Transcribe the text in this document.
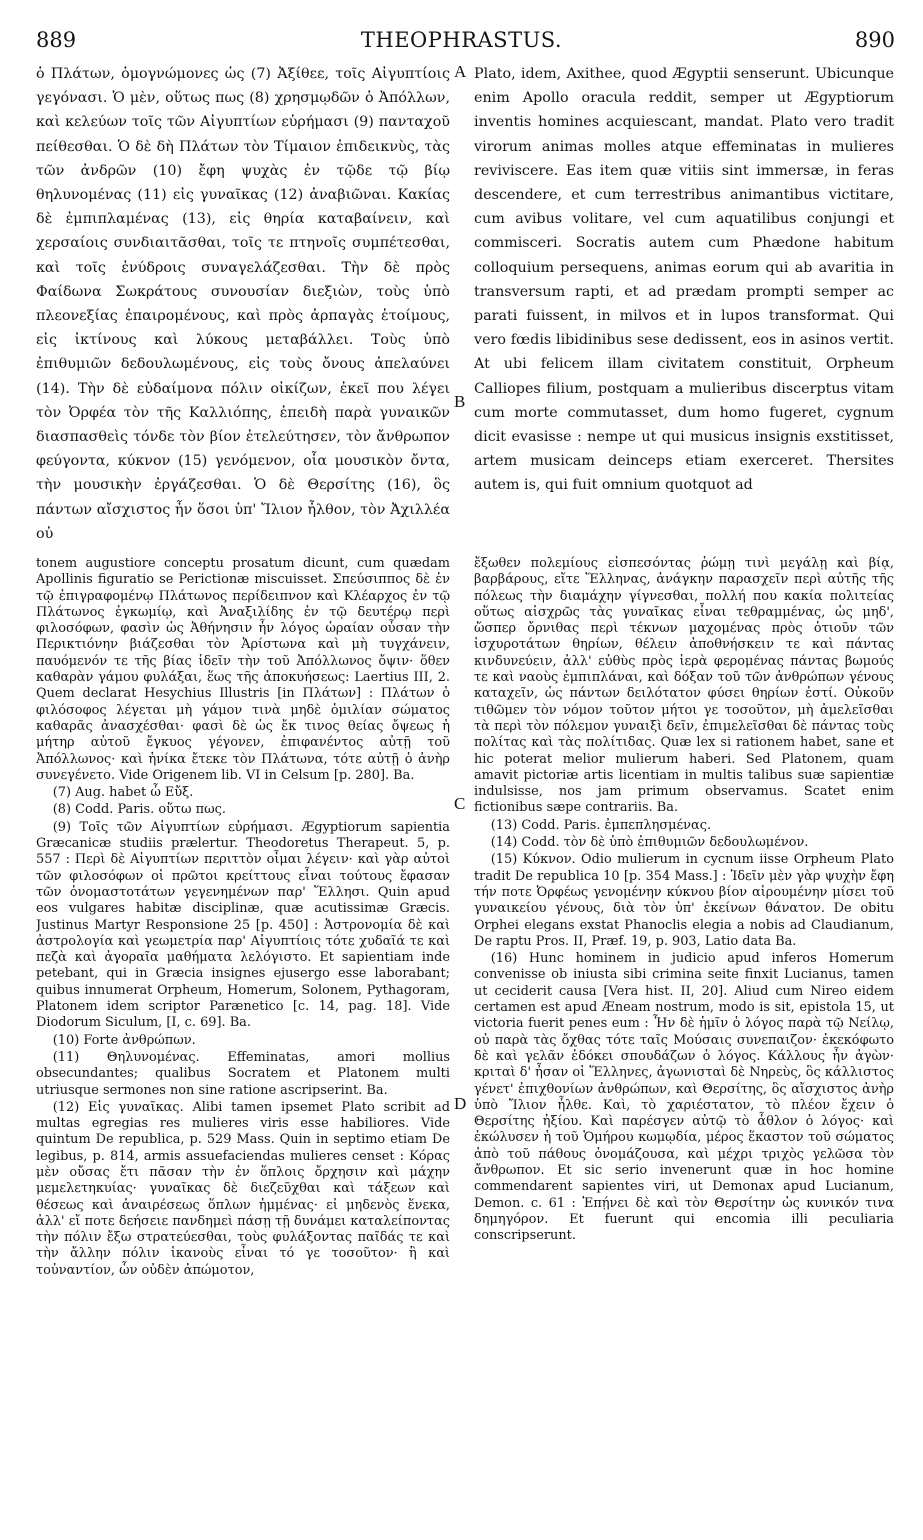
889	THEOPHRASTUS.	890

ὁ Πλάτων, ὁμογνώμονες ὡς (7) Ἀξίθεε, τοῖς Αἰγυπτίοις γεγόνασι. Ὁ μὲν, οὕτως πως (8) χρησμῳδῶν ὁ Ἀπόλλων, καὶ κελεύων τοῖς τῶν Αἰγυπτίων εὑρήμασι (9) πανταχοῦ πείθεσθαι. Ὁ δὲ δὴ Πλάτων τὸν Τίμαιον ἐπιδεικνὺς, τὰς τῶν ἀνδρῶν (10) ἔφη ψυχὰς ἐν τῷδε τῷ βίῳ θηλυνομένας (11) εἰς γυναῖκας (12) ἀναβιῶναι. Κακίας δὲ ἐμπιπλαμένας (13), εἰς θηρία καταβαίνειν, καὶ χερσαίοις συνδιαιτᾶσθαι, τοῖς τε πτηνοῖς συμπέτεσθαι, καὶ τοῖς ἐνύδροις συναγελάζεσθαι. Τὴν δὲ πρὸς Φαίδωνα Σωκράτους συνουσίαν διεξιὼν, τοὺς ὑπὸ πλεονεξίας ἐπαιρομένους, καὶ πρὸς ἁρπαγὰς ἑτοίμους, εἰς ἰκτίνους καὶ λύκους μεταβάλλει. Τοὺς ὑπὸ ἐπιθυμιῶν δεδουλωμένους, εἰς τοὺς ὄνους ἀπελαύνει (14). Τὴν δὲ εὐδαίμονα πόλιν οἰκίζων, ἐκεῖ που λέγει τὸν Ὀρφέα τὸν τῆς Καλλιόπης, ἐπειδὴ παρὰ γυναικῶν διασπασθεὶς τόνδε τὸν βίον ἐτελεύτησεν, τὸν ἄνθρωπον φεύγοντα, κύκνον (15) γενόμενον, οἷα μουσικὸν ὄντα, τὴν μουσικὴν ἐργάζεσθαι. Ὁ δὲ Θερσίτης (16), ὃς πάντων αἴσχιστος ἦν ὅσοι ὑπ' Ἴλιον ἦλθον, τὸν Ἀχιλλέα οὐ

Plato, idem, Axithee, quod Ægyptii senserunt. Ubicunque enim Apollo oracula reddit, semper ut Ægyptiorum inventis homines acquiescant, mandat. Plato vero tradit virorum animas molles atque effeminatas in mulieres reviviscere. Eas item quæ vitiis sint immersæ, in feras descendere, et cum terrestribus animantibus victitare, cum avibus volitare, vel cum aquatilibus conjungi et commisceri. Socratis autem cum Phædone habitum colloquium persequens, animas eorum qui ab avaritia in transversum rapti, et ad prædam prompti semper ac parati fuissent, in milvos et in lupos transformat. Qui vero fœdis libidinibus sese dedissent, eos in asinos vertit. At ubi felicem illam civitatem constituit, Orpheum Calliopes filium, postquam a mulieribus discerptus vitam cum morte commutasset, dum homo fugeret, cygnum dicit evasisse : nempe ut qui musicus insignis exstitisset, artem musicam deinceps etiam exerceret. Thersites autem is, qui fuit omnium quotquot ad

A
B
C
D

tonem augustiore conceptu prosatum dicunt, cum quædam Apollinis figuratio se Perictionæ miscuisset. Σπεύσιππος δὲ ἐν τῷ ἐπιγραφομένῳ Πλάτωνος περίδειπνον καὶ Κλέαρχος ἐν τῷ Πλάτωνος ἐγκωμίῳ, καὶ Ἀναξιλίδης ἐν τῷ δευτέρῳ περὶ φιλοσόφων, φασὶν ὡς Ἀθήνησιν ἦν λόγος ὡραίαν οὖσαν τὴν Περικτιόνην βιάζεσθαι τὸν Ἀρίστωνα καὶ μὴ τυγχάνειν, παυόμενόν τε τῆς βίας ἰδεῖν τὴν τοῦ Ἀπόλλωνος ὄψιν· ὅθεν καθαρὰν γάμου φυλάξαι, ἕως τῆς ἀποκυήσεως: Laertius III, 2. Quem declarat Hesychius Illustris [in Πλάτων] : Πλάτων ὁ φιλόσοφος λέγεται μὴ γάμον τινὰ μηδὲ ὁμιλίαν σώματος καθαρᾶς ἀνασχέσθαι· φασὶ δὲ ὡς ἔκ τινος θείας ὄψεως ἡ μήτηρ αὐτοῦ ἔγκυος γέγονεν, ἐπιφανέντος αὐτῇ τοῦ Ἀπόλλωνος· καὶ ἡνίκα ἔτεκε τὸν Πλάτωνα, τότε αὐτῇ ὁ ἀνὴρ συνεγένετο. Vide Origenem lib. VI in Celsum [p. 280]. Ba.

(7) Aug. habet ὦ Εὔξ.

(8) Codd. Paris. οὕτω πως.

(9) Τοῖς τῶν Αἰγυπτίων εὑρήμασι. Ægyptiorum sapientia Græcanicæ studiis prælertur. Theodoretus Therapeut. 5, p. 557 : Περὶ δὲ Αἰγυπτίων περιττὸν οἶμαι λέγειν· καὶ γὰρ αὐτοὶ τῶν φιλοσόφων οἱ πρῶτοι κρείττους εἶναι τούτους ἔφασαν τῶν ὀνομαστοτάτων γεγενημένων παρ' Ἕλλησι. Quin apud eos vulgares habitæ disciplinæ, quæ acutissimæ Græcis. Justinus Martyr Responsione 25 [p. 450] : Ἀστρονομία δὲ καὶ ἀστρολογία καὶ γεωμετρία παρ' Αἰγυπτίοις τότε χυδαῖά τε καὶ πεζὰ καὶ ἀγοραῖα μαθήματα λελόγιστο. Et sapientiam inde petebant, qui in Græcia insignes ejusergo esse laborabant; quibus innumerat Orpheum, Homerum, Solonem, Pythagoram, Platonem idem scriptor Parænetico [c. 14, pag. 18]. Vide Diodorum Siculum, [I, c. 69]. Ba.

(10) Forte ἀνθρώπων.

(11) Θηλυνομένας. Effeminatas, amori mollius obsecundantes; qualibus Socratem et Platonem multi utriusque sermones non sine ratione ascripserint. Ba.

(12) Εἰς γυναῖκας. Alibi tamen ipsemet Plato scribit ad multas egregias res mulieres viris esse habiliores. Vide quintum De republica, p. 529 Mass. Quin in septimo etiam De legibus, p. 814, armis assuefaciendas mulieres censet : Κόρας μὲν οὔσας ἔτι πᾶσαν τὴν ἐν ὅπλοις ὄρχησιν καὶ μάχην μεμελετηκυίας· γυναῖκας δὲ διεζεῦχθαι καὶ τάξεων καὶ θέσεως καὶ ἀναιρέσεως ὅπλων ἡμμένας· εἰ μηδενὸς ἕνεκα, ἀλλ' εἴ ποτε δεήσειε πανδημεὶ πάσῃ τῇ δυνάμει καταλείποντας τὴν πόλιν ἔξω στρατεύεσθαι, τοὺς φυλάξοντας παῖδάς τε καὶ τὴν ἄλλην πόλιν ἱκανοὺς εἶναι τό γε τοσοῦτον· ἢ καὶ τοὐναντίον, ὧν οὐδὲν ἀπώμοτον,

ἔξωθεν πολεμίους εἰσπεσόντας ῥώμῃ τινὶ μεγάλῃ καὶ βίᾳ, βαρβάρους, εἴτε Ἕλληνας, ἀνάγκην παρασχεῖν περὶ αὐτῆς τῆς πόλεως τὴν διαμάχην γίγνεσθαι, πολλή που κακία πολιτείας οὕτως αἰσχρῶς τὰς γυναῖκας εἶναι τεθραμμένας, ὡς μηδ', ὥσπερ ὄρνιθας περὶ τέκνων μαχομένας πρὸς ὁτιοῦν τῶν ἰσχυροτάτων θηρίων, θέλειν ἀποθνήσκειν τε καὶ πάντας κινδυνεύειν, ἀλλ' εὐθὺς πρὸς ἱερὰ φερομένας πάντας βωμούς τε καὶ ναοὺς ἐμπιπλάναι, καὶ δόξαν τοῦ τῶν ἀνθρώπων γένους καταχεῖν, ὡς πάντων δειλότατον φύσει θηρίων ἐστί. Οὐκοῦν τιθῶμεν τὸν νόμον τοῦτον μήτοι γε τοσοῦτον, μὴ ἀμελεῖσθαι τὰ περὶ τὸν πόλεμον γυναιξὶ δεῖν, ἐπιμελεῖσθαι δὲ πάντας τοὺς πολίτας καὶ τὰς πολίτιδας. Quæ lex si rationem habet, sane et hic poterat melior mulierum haberi. Sed Platonem, quam amavit pictoriæ artis licentiam in multis talibus suæ sapientiæ indulsisse, nos jam primum observamus. Scatet enim fictionibus sæpe contrariis. Ba.

(13) Codd. Paris. ἐμπεπλησμένας.

(14) Codd. τὸν δὲ ὑπὸ ἐπιθυμιῶν δεδουλωμένον.

(15) Κύκνον. Odio mulierum in cycnum iisse Orpheum Plato tradit De republica 10 [p. 354 Mass.] : Ἰδεῖν μὲν γὰρ ψυχὴν ἔφη τήν ποτε Ὀρφέως γενομένην κύκνου βίον αἱρουμένην μίσει τοῦ γυναικείου γένους, διὰ τὸν ὑπ' ἐκείνων θάνατον. De obitu Orphei elegans exstat Phanoclis elegia a nobis ad Claudianum, De raptu Pros. II, Præf. 19, p. 903, Latio data Ba.

(16) Hunc hominem in judicio apud inferos Homerum convenisse ob iniusta sibi crimina seite finxit Lucianus, tamen ut ceciderit causa [Vera hist. II, 20]. Aliud cum Nireo eidem certamen est apud Æneam nostrum, modo is sit, epistola 15, ut victoria fuerit penes eum : Ἦν δὲ ἡμῖν ὁ λόγος παρὰ τῷ Νείλῳ, οὐ παρὰ τὰς ὄχθας τότε ταῖς Μούσαις συνεπαιζον· ἐκεκόφωτο δὲ καὶ γελᾶν ἐδόκει σπουδάζων ὁ λόγος. Κάλλους ἦν ἀγὼν· κριταὶ δ' ἦσαν οἱ Ἕλληνες, ἀγωνισταὶ δὲ Νηρεὺς, ὃς κάλλιστος γένετ' ἐπιχθονίων ἀνθρώπων, καὶ Θερσίτης, ὃς αἴσχιστος ἀνὴρ ὑπὸ Ἴλιον ἦλθε. Καὶ, τὸ χαριέστατον, τὸ πλέον ἔχειν ὁ Θερσίτης ἠξίου. Καὶ παρέσγεν αὐτῷ τὸ ἆθλον ὁ λόγος· καὶ ἐκώλυσεν ἡ τοῦ Ὁμήρου κωμῳδία, μέρος ἕκαστον τοῦ σώματος ἀπὸ τοῦ πάθους ὀνομάζουσα, καὶ μέχρι τριχὸς γελῶσα τὸν ἄνθρωπον. Et sic serio invenerunt quæ in hoc homine commendarent sapientes viri, ut Demonax apud Lucianum, Demon. c. 61 : Ἐπῄνει δὲ καὶ τὸν Θερσίτην ὡς κυνικόν τινα δημηγόρον. Et fuerunt qui encomia illi peculiaria conscripserunt.
